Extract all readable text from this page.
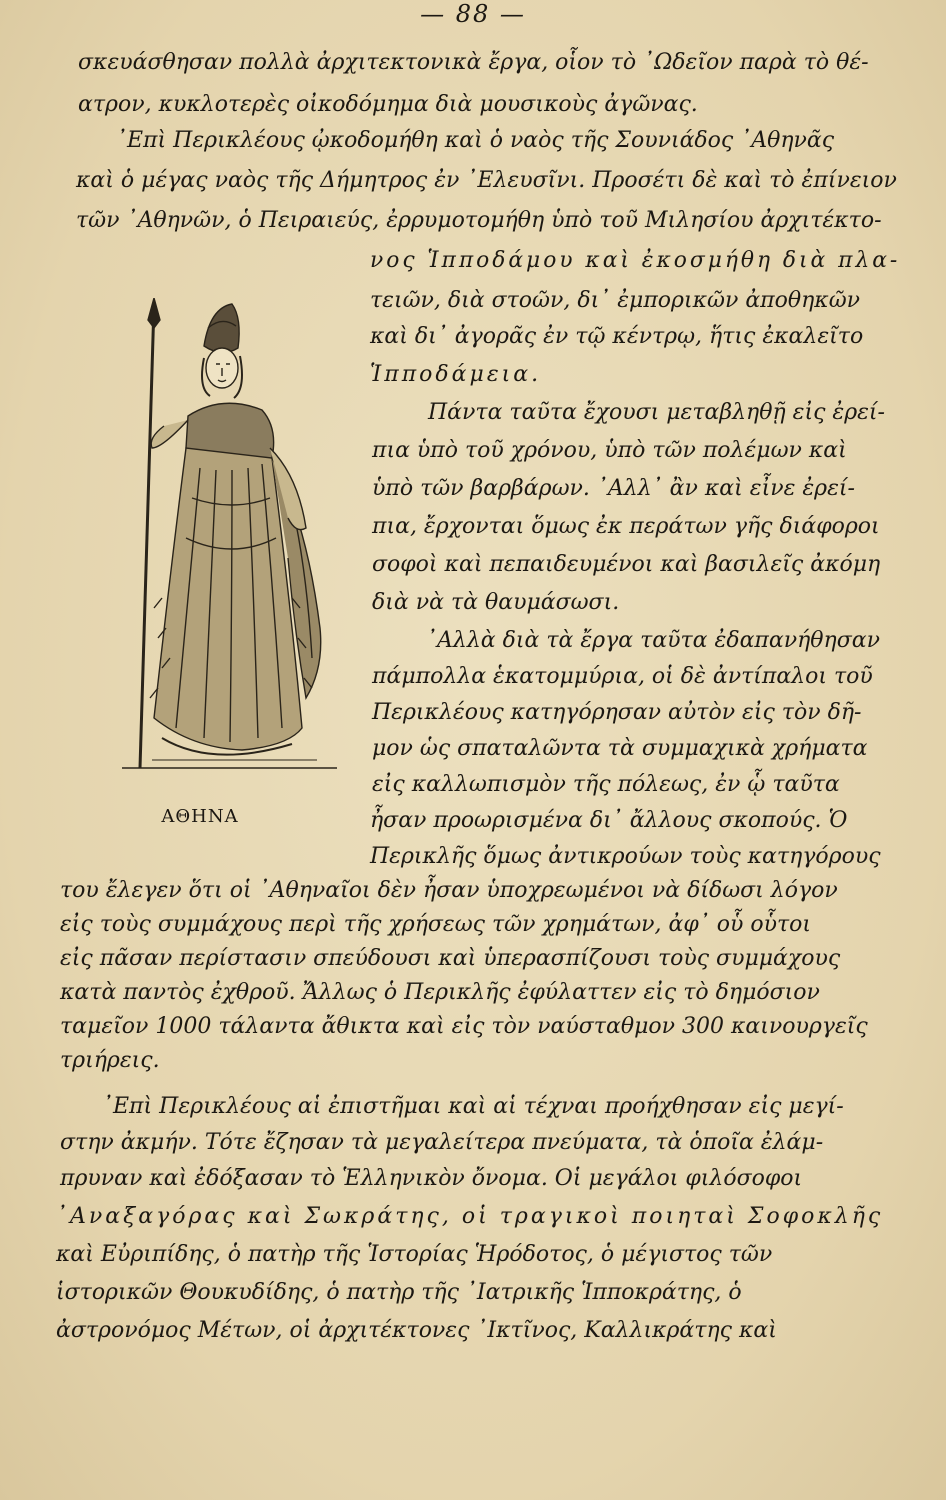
— 88 —

σκευάσθησαν πολλὰ ἀρχιτεκτονικὰ ἔργα, οἷον τὸ ᾿Ωδεῖον παρὰ τὸ θέ-

ατρον, κυκλοτερὲς οἰκοδόμημα διὰ μουσικοὺς ἀγῶνας.

᾿Επὶ Περικλέους ᾠκοδομήθη καὶ ὁ ναὸς τῆς Σουνιάδος ᾿Αθηνᾶς

καὶ ὁ μέγας ναὸς τῆς Δήμητρος ἐν ᾿Ελευσῖνι. Προσέτι δὲ καὶ τὸ ἐπίνειον

τῶν ᾿Αθηνῶν, ὁ Πειραιεύς, ἐρρυμοτομήθη ὑπὸ τοῦ Μιλησίου ἀρχιτέκτο-

νος Ἱπποδάμου καὶ ἐκοσμήθη διὰ πλα-

τειῶν, διὰ στοῶν, δι᾿ ἐμπορικῶν ἀποθηκῶν

καὶ δι᾿ ἀγορᾶς ἐν τῷ κέντρῳ, ἥτις ἐκαλεῖτο

Ἱπποδάμεια.

Πάντα ταῦτα ἔχουσι μεταβληθῇ εἰς ἐρεί-

πια ὑπὸ τοῦ χρόνου, ὑπὸ τῶν πολέμων καὶ

ὑπὸ τῶν βαρβάρων. ᾿Αλλ᾿ ἂν καὶ εἶνε ἐρεί-

πια, ἔρχονται ὅμως ἐκ περάτων γῆς διάφοροι

σοφοὶ καὶ πεπαιδευμένοι καὶ βασιλεῖς ἀκόμη

διὰ νὰ τὰ θαυμάσωσι.

᾿Αλλὰ διὰ τὰ ἔργα ταῦτα ἐδαπανήθησαν

πάμπολλα ἑκατομμύρια, οἱ δὲ ἀντίπαλοι τοῦ

Περικλέους κατηγόρησαν αὐτὸν εἰς τὸν δῆ-

μον ὡς σπαταλῶντα τὰ συμμαχικὰ χρήματα

εἰς καλλωπισμὸν τῆς πόλεως, ἐν ᾧ ταῦτα

ἦσαν προωρισμένα δι᾿ ἄλλους σκοπούς. Ὁ

Περικλῆς ὅμως ἀντικρούων τοὺς κατηγόρους

του ἔλεγεν ὅτι οἱ ᾿Αθηναῖοι δὲν ἦσαν ὑποχρεωμένοι νὰ δίδωσι λόγον

εἰς τοὺς συμμάχους περὶ τῆς χρήσεως τῶν χρημάτων, ἀφ᾿ οὗ οὗτοι

εἰς πᾶσαν περίστασιν σπεύδουσι καὶ ὑπερασπίζουσι τοὺς συμμάχους

κατὰ παντὸς ἐχθροῦ. Ἄλλως ὁ Περικλῆς ἐφύλαττεν εἰς τὸ δημόσιον

ταμεῖον 1000 τάλαντα ἄθικτα καὶ εἰς τὸν ναύσταθμον 300 καινουργεῖς

τριήρεις.

᾿Επὶ Περικλέους αἱ ἐπιστῆμαι καὶ αἱ τέχναι προήχθησαν εἰς μεγί-

στην ἀκμήν. Τότε ἔζησαν τὰ μεγαλείτερα πνεύματα, τὰ ὁποῖα ἐλάμ-

πρυναν καὶ ἐδόξασαν τὸ Ἑλληνικὸν ὄνομα. Οἱ μεγάλοι φιλόσοφοι

᾿Αναξαγόρας καὶ Σωκράτης, οἱ τραγικοὶ ποιηταὶ Σοφοκλῆς

καὶ Εὐριπίδης, ὁ πατὴρ τῆς Ἱστορίας Ἡρόδοτος, ὁ μέγιστος τῶν

ἱστορικῶν Θουκυδίδης, ὁ πατὴρ τῆς ᾿Ιατρικῆς Ἱπποκράτης, ὁ

ἀστρονόμος Μέτων, οἱ ἀρχιτέκτονες ᾿Ικτῖνος, Καλλικράτης καὶ

ΑΘΗΝΑ
